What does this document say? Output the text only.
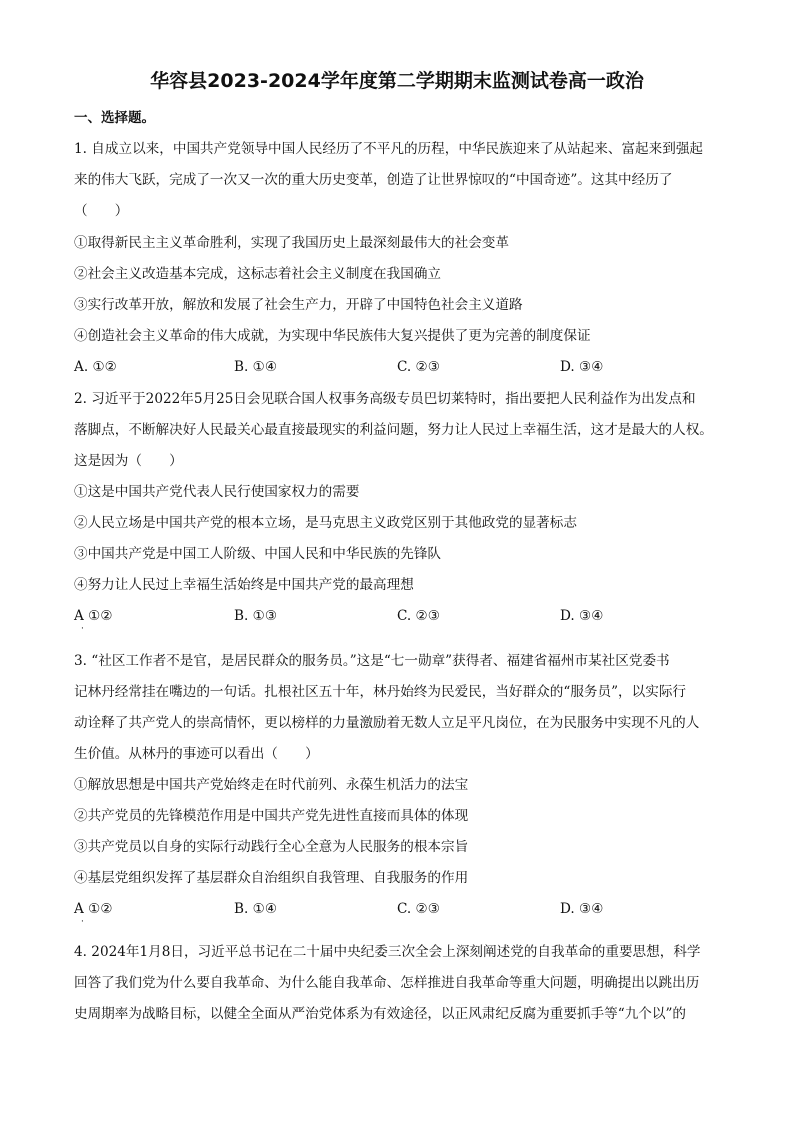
华容县2023-2024学年度第二学期期末监测试卷高一政治
一、选择题。
1. 自成立以来，中国共产党领导中国人民经历了不平凡的历程，中华民族迎来了从站起来、富起来到强起
来的伟大飞跃，完成了一次又一次的重大历史变革，创造了让世界惊叹的“中国奇迹”。这其中经历了
（　　）
①取得新民主主义革命胜利，实现了我国历史上最深刻最伟大的社会变革
②社会主义改造基本完成，这标志着社会主义制度在我国确立
③实行改革开放，解放和发展了社会生产力，开辟了中国特色社会主义道路
④创造社会主义革命的伟大成就，为实现中华民族伟大复兴提供了更为完善的制度保证
A. ①②	B. ①④	C. ②③	D. ③④
2. 习近平于2022年5月25日会见联合国人权事务高级专员巴切莱特时，指出要把人民利益作为出发点和
落脚点，不断解决好人民最关心最直接最现实的利益问题，努力让人民过上幸福生活，这才是最大的人权。
这是因为（　　）
①这是中国共产党代表人民行使国家权力的需要
②人民立场是中国共产党的根本立场，是马克思主义政党区别于其他政党的显著标志
③中国共产党是中国工人阶级、中国人民和中华民族的先锋队
④努力让人民过上幸福生活始终是中国共产党的最高理想
A ①②	B. ①③	C. ②③	D. ③④
·
3. “社区工作者不是官，是居民群众的服务员。”这是“七一勋章”获得者、福建省福州市某社区党委书
记林丹经常挂在嘴边的一句话。扎根社区五十年，林丹始终为民爱民，当好群众的“服务员”，以实际行
动诠释了共产党人的崇高情怀，更以榜样的力量激励着无数人立足平凡岗位，在为民服务中实现不凡的人
生价值。从林丹的事迹可以看出（　　）
①解放思想是中国共产党始终走在时代前列、永葆生机活力的法宝
②共产党员的先锋模范作用是中国共产党先进性直接而具体的体现
③共产党员以自身的实际行动践行全心全意为人民服务的根本宗旨
④基层党组织发挥了基层群众自治组织自我管理、自我服务的作用
A ①②	B. ①④	C. ②③	D. ③④
·
4. 2024年1月8日，习近平总书记在二十届中央纪委三次全会上深刻阐述党的自我革命的重要思想，科学
回答了我们党为什么要自我革命、为什么能自我革命、怎样推进自我革命等重大问题，明确提出以跳出历
史周期率为战略目标，以健全全面从严治党体系为有效途径，以正风肃纪反腐为重要抓手等“九个以”的
